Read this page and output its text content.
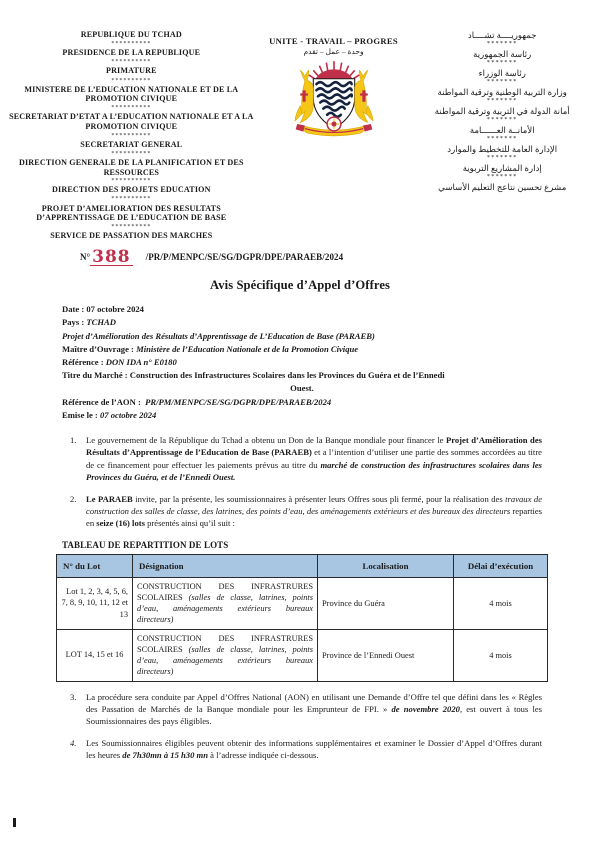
REPUBLIQUE DU TCHAD

**********

PRESIDENCE DE LA REPUBLIQUE

**********

PRIMATURE

**********

MINISTERE DE L’EDUCATION NATIONALE ET DE LA PROMOTION CIVIQUE

**********

SECRETARIAT D’ETAT A L’EDUCATION NATIONALE ET A LA PROMOTION CIVIQUE

**********

SECRETARIAT GENERAL

**********

DIRECTION GENERALE DE LA PLANIFICATION ET DES RESSOURCES

**********

DIRECTION DES PROJETS EDUCATION

**********

PROJET D’AMELIORATION DES RESULTATS D’APPRENTISSAGE DE L’EDUCATION DE BASE

**********

SERVICE DE PASSATION DES MARCHES

UNITE - TRAVAIL – PROGRES

وحدة – عمل – تقدم

جمهوريــــة تشــــاد

*******

رئاسة الجمهورية

*******

رئاسة الوزراء

*******

وزارة التربية الوطنية وترقية المواطنة

*******

أمانة الدولة في التربية وترقية المواطنة

*******

الأمانــة العــــــامة

*******

الإدارة العامة للتخطيط والموارد

*******

إدارة المشاريع التربوية

*******

مشرع تحسين نتاعج التعليم الأساسي

N° 388 /PR/P/MENPC/SE/SG/DGPR/DPE/PARAEB/2024
Avis Spécifique d’Appel d’Offres

Date : 07 octobre 2024

Pays : TCHAD

Projet d’Amélioration des Résultats d’Apprentissage de L’Education de Base (PARAEB)

Maître d’Ouvrage : Ministère de l’Education Nationale et de la Promotion Civique

Référence : DON IDA n° E0180

Titre du Marché : Construction des Infrastructures Scolaires dans les Provinces du Guéra et de l’Ennedi

Ouest.

Référence de l’AON : PR/PM/MENPC/SE/SG/DGPR/DPE/PARAEB/2024

Emise le : 07 octobre 2024

1.	Le gouvernement de la République du Tchad a obtenu un Don de la Banque mondiale pour financer le Projet d’Amélioration des Résultats d’Apprentissage de l’Education de Base (PARAEB) et a l’intention d’utiliser une partie des sommes accordées au titre de ce financement pour effectuer les paiements prévus au titre du marché de construction des infrastructures scolaires dans les Provinces du Guéra, et de l’Ennedi Ouest.
2.	Le PARAEB invite, par la présente, les soumissionnaires à présenter leurs Offres sous pli fermé, pour la réalisation des travaux de construction des salles de classe, des latrines, des points d’eau, des aménagements extérieurs et des bureaux des directeurs reparties en seize (16) lots présentés ainsi qu’il suit :
TABLEAU DE REPARTITION DE LOTS
N° du Lot	Désignation	Localisation	Délai d’exécution
Lot 1, 2, 3, 4, 5, 6, 7, 8, 9, 10, 11, 12 et 13	CONSTRUCTION DES INFRASTRURES SCOLAIRES (salles de classe, latrines, points d’eau, aménagements extérieurs bureaux directeurs)	Province du Guéra	4 mois
LOT 14, 15 et 16	CONSTRUCTION DES INFRASTRURES SCOLAIRES (salles de classe, latrines, points d’eau, aménagements extérieurs bureaux directeurs)	Province de l’Ennedi Ouest	4 mois
3.	La procédure sera conduite par Appel d’Offres National (AON) en utilisant une Demande d’Offre tel que défini dans les « Règles des Passation de Marchés de la Banque mondiale pour les Emprunteur de FPI. » de novembre 2020, est ouvert à tous les Soumissionnaires des pays éligibles.
4.	Les Soumissionnaires éligibles peuvent obtenir des informations supplémentaires et examiner le Dossier d’Appel d’Offres durant les heures de 7h30mn à 15 h30 mn à l’adresse indiquée ci-dessous.
